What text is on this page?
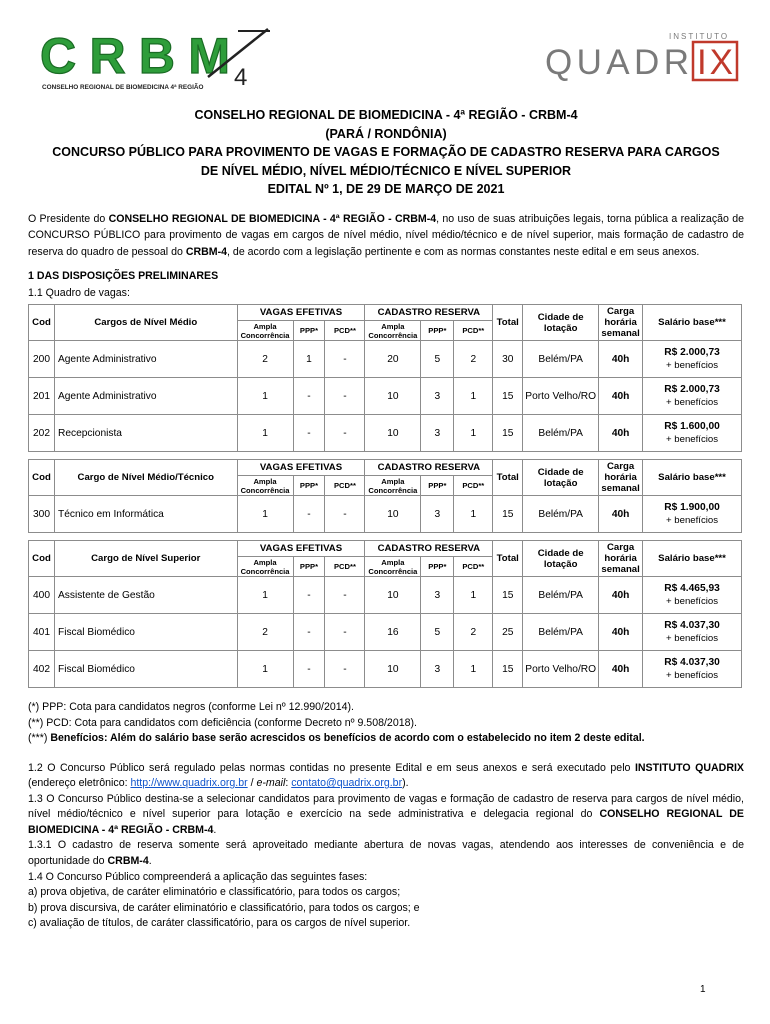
CRBM 4
CONSELHO REGIONAL DE BIOMEDICINA 4ª REGIÃO
INSTITUTO
QUADR IX
CONSELHO REGIONAL DE BIOMEDICINA - 4ª REGIÃO - CRBM-4
(PARÁ / RONDÔNIA)
CONCURSO PÚBLICO PARA PROVIMENTO DE VAGAS E FORMAÇÃO DE CADASTRO RESERVA PARA CARGOS
DE NÍVEL MÉDIO, NÍVEL MÉDIO/TÉCNICO E NÍVEL SUPERIOR
EDITAL Nº 1, DE 29 DE MARÇO DE 2021

O Presidente do CONSELHO REGIONAL DE BIOMEDICINA - 4ª REGIÃO - CRBM-4, no uso de suas atribuições legais, torna pública a realização de CONCURSO PÚBLICO para provimento de vagas em cargos de nível médio, nível médio/técnico e de nível superior, mais formação de cadastro de reserva do quadro de pessoal do CRBM-4, de acordo com a legislação pertinente e com as normas constantes neste edital e em seus anexos.

1 DAS DISPOSIÇÕES PRELIMINARES

1.1 Quadro de vagas:

Cod	Cargos de Nível Médio	VAGAS EFETIVAS			CADASTRO RESERVA			Total	Cidade de lotação	Carga horária semanal	Salário base***
		Ampla Concorrência	PPP*	PCD**	Ampla Concorrência	PPP*	PCD**				
200	Agente Administrativo	2	1	-	20	5	2	30	Belém/PA	40h	R$ 2.000,73
+ benefícios
201	Agente Administrativo	1	-	-	10	3	1	15	Porto Velho/RO	40h	R$ 2.000,73
+ benefícios
202	Recepcionista	1	-	-	10	3	1	15	Belém/PA	40h	R$ 1.600,00
+ benefícios

Cod	Cargo de Nível Médio/Técnico	VAGAS EFETIVAS			CADASTRO RESERVA			Total	Cidade de lotação	Carga horária semanal	Salário base***
		Ampla Concorrência	PPP*	PCD**	Ampla Concorrência	PPP*	PCD**				
300	Técnico em Informática	1	-	-	10	3	1	15	Belém/PA	40h	R$ 1.900,00
+ benefícios

Cod	Cargo de Nível Superior	VAGAS EFETIVAS			CADASTRO RESERVA			Total	Cidade de lotação	Carga horária semanal	Salário base***
		Ampla Concorrência	PPP*	PCD**	Ampla Concorrência	PPP*	PCD**				
400	Assistente de Gestão	1	-	-	10	3	1	15	Belém/PA	40h	R$ 4.465,93
+ benefícios
401	Fiscal Biomédico	2	-	-	16	5	2	25	Belém/PA	40h	R$ 4.037,30
+ benefícios
402	Fiscal Biomédico	1	-	-	10	3	1	15	Porto Velho/RO	40h	R$ 4.037,30
+ benefícios

(*) PPP: Cota para candidatos negros (conforme Lei nº 12.990/2014).

(**) PCD: Cota para candidatos com deficiência (conforme Decreto nº 9.508/2018).

(***) Benefícios: Além do salário base serão acrescidos os benefícios de acordo com o estabelecido no item 2 deste edital.

1.2 O Concurso Público será regulado pelas normas contidas no presente Edital e em seus anexos e será executado pelo INSTITUTO QUADRIX (endereço eletrônico: http://www.quadrix.org.br / e-mail: contato@quadrix.org.br).

1.3 O Concurso Público destina-se a selecionar candidatos para provimento de vagas e formação de cadastro de reserva para cargos de nível médio, nível médio/técnico e nível superior para lotação e exercício na sede administrativa e delegacia regional do CONSELHO REGIONAL DE BIOMEDICINA - 4ª REGIÃO - CRBM-4.

1.3.1 O cadastro de reserva somente será aproveitado mediante abertura de novas vagas, atendendo aos interesses de conveniência e de oportunidade do CRBM-4.

1.4 O Concurso Público compreenderá a aplicação das seguintes fases:

a) prova objetiva, de caráter eliminatório e classificatório, para todos os cargos;

b) prova discursiva, de caráter eliminatório e classificatório, para todos os cargos; e

c) avaliação de títulos, de caráter classificatório, para os cargos de nível superior.

1
